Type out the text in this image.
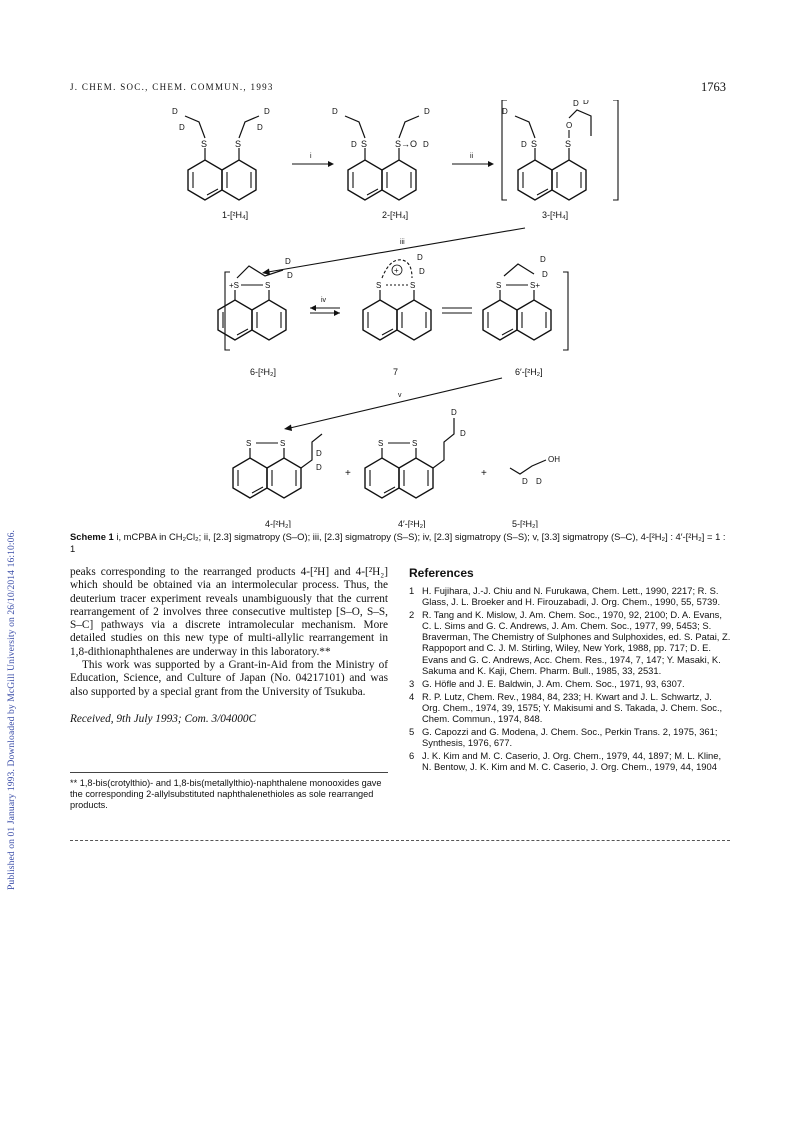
Published on 01 January 1993. Downloaded by McGill University on 26/10/2014 16:10:06.
J. CHEM. SOC., CHEM. COMMUN., 1993	1763
S	S
D
D
D
D
1-[²H₄]
i
S	S→O
D
D
D
D
2-[²H₄]
ii
S	S
O
D
D
D D
3-[²H₄]
iii
+S	S
D
D
6-[²H₂]
iv
S	S
+
D
D
7
S	S+
D
D
6′-[²H₂]
v
S	S
D
D
4-[²H₂]
+
S	S
D
D
4′-[²H₂]
+
OH
D D
5-[²H₂]
Scheme 1 i, mCPBA in CH₂Cl₂; ii, [2.3] sigmatropy (S–O); iii, [2.3] sigmatropy (S–S); iv, [2.3] sigmatropy (S–S); v, [3.3] sigmatropy (S–C), 4-[²H₂] : 4′-[²H₂] = 1 : 1

peaks corresponding to the rearranged products 4-[²H] and 4-[²H₂] which should be obtained via an intermolecular process. Thus, the deuterium tracer experiment reveals unambiguously that the current rearrangement of 2 involves three consecutive multistep [S–O, S–S, S–C] pathways via a discrete intramolecular mechanism. More detailed studies on this new type of multi-allylic rearrangement in 1,8-dithionaphthalenes are underway in this laboratory.**

This work was supported by a Grant-in-Aid from the Ministry of Education, Science, and Culture of Japan (No. 04217101) and was also supported by a special grant from the University of Tsukuba.

Received, 9th July 1993; Com. 3/04000C

** 1,8-bis(crotylthio)- and 1,8-bis(metallylthio)-naphthalene monooxides gave the corresponding 2-allylsubstituted naphthalenethioles as sole rearranged products.
References
1 H. Fujihara, J.-J. Chiu and N. Furukawa, Chem. Lett., 1990, 2217; R. S. Glass, J. L. Broeker and H. Firouzabadi, J. Org. Chem., 1990, 55, 5739.
2 R. Tang and K. Mislow, J. Am. Chem. Soc., 1970, 92, 2100; D. A. Evans, C. L. Sims and G. C. Andrews, J. Am. Chem. Soc., 1977, 99, 5453; S. Braverman, The Chemistry of Sulphones and Sulphoxides, ed. S. Patai, Z. Rappoport and C. J. M. Stirling, Wiley, New York, 1988, pp. 717; D. E. Evans and G. C. Andrews, Acc. Chem. Res., 1974, 7, 147; Y. Masaki, K. Sakuma and K. Kaji, Chem. Pharm. Bull., 1985, 33, 2531.
3 G. Höfle and J. E. Baldwin, J. Am. Chem. Soc., 1971, 93, 6307.
4 R. P. Lutz, Chem. Rev., 1984, 84, 233; H. Kwart and J. L. Schwartz, J. Org. Chem., 1974, 39, 1575; Y. Makisumi and S. Takada, J. Chem. Soc., Chem. Commun., 1974, 848.
5 G. Capozzi and G. Modena, J. Chem. Soc., Perkin Trans. 2, 1975, 361; Synthesis, 1976, 677.
6 J. K. Kim and M. C. Caserio, J. Org. Chem., 1979, 44, 1897; M. L. Kline, N. Bentow, J. K. Kim and M. C. Caserio, J. Org. Chem., 1979, 44, 1904
